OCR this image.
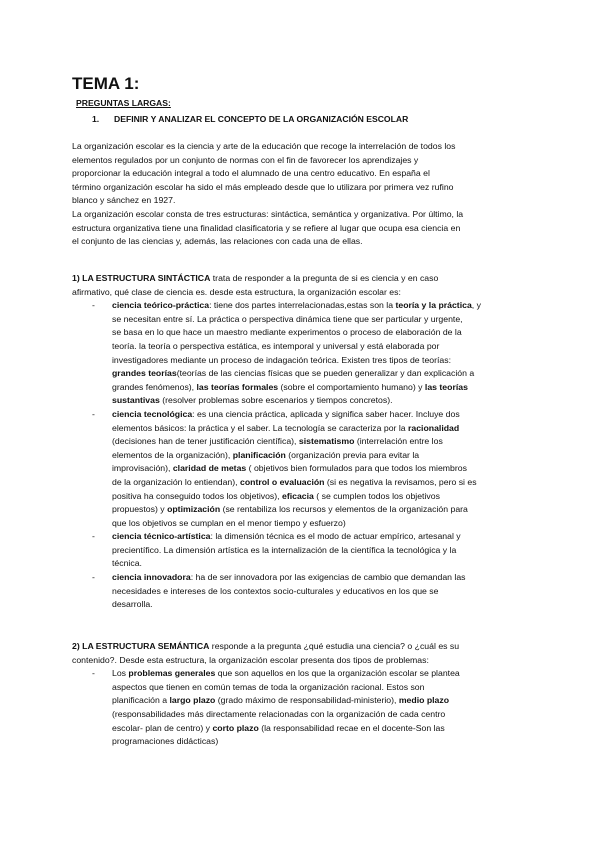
TEMA 1:
PREGUNTAS LARGAS:
1. DEFINIR Y ANALIZAR EL CONCEPTO DE LA ORGANIZACIÓN ESCOLAR
La organización escolar es la ciencia y arte de la educación que recoge la interrelación de todos los
elementos regulados por un conjunto de normas con el fin de favorecer los aprendizajes y
proporcionar la educación integral a todo el alumnado de una centro educativo. En españa el
término organización escolar ha sido el más empleado desde que lo utilizara por primera vez rufino
blanco y sánchez en 1927.
La organización escolar consta de tres estructuras: sintáctica, semántica y organizativa. Por último, la
estructura organizativa tiene una finalidad clasificatoria y se refiere al lugar que ocupa esa ciencia en
el conjunto de las ciencias y, además, las relaciones con cada una de ellas.
1) LA ESTRUCTURA SINTÁCTICA trata de responder a la pregunta de si es ciencia y en caso
afirmativo, qué clase de ciencia es. desde esta estructura, la organización escolar es:
- ciencia teórico-práctica: tiene dos partes interrelacionadas,estas son la teoría y la práctica, y
se necesitan entre sí. La práctica o perspectiva dinámica tiene que ser particular y urgente,
se basa en lo que hace un maestro mediante experimentos o proceso de elaboración de la
teoría. la teoría o perspectiva estática, es intemporal y universal y está elaborada por
investigadores mediante un proceso de indagación teórica. Existen tres tipos de teorías:
grandes teorías(teorías de las ciencias físicas que se pueden generalizar y dan explicación a
grandes fenómenos), las teorías formales (sobre el comportamiento humano) y las teorías
sustantivas (resolver problemas sobre escenarios y tiempos concretos).
- ciencia tecnológica: es una ciencia práctica, aplicada y significa saber hacer. Incluye dos
elementos básicos: la práctica y el saber. La tecnología se caracteriza por la racionalidad
(decisiones han de tener justificación científica), sistematismo (interrelación entre los
elementos de la organización), planificación (organización previa para evitar la
improvisación), claridad de metas ( objetivos bien formulados para que todos los miembros
de la organización lo entiendan), control o evaluación (si es negativa la revisamos, pero si es
positiva ha conseguido todos los objetivos), eficacia ( se cumplen todos los objetivos
propuestos) y optimización (se rentabiliza los recursos y elementos de la organización para
que los objetivos se cumplan en el menor tiempo y esfuerzo)
- ciencia técnico-artística: la dimensión técnica es el modo de actuar empírico, artesanal y
precientífico. La dimensión artística es la internalización de la científica la tecnológica y la
técnica.
- ciencia innovadora: ha de ser innovadora por las exigencias de cambio que demandan las
necesidades e intereses de los contextos socio-culturales y educativos en los que se
desarrolla.
2) LA ESTRUCTURA SEMÁNTICA responde a la pregunta ¿qué estudia una ciencia? o ¿cuál es su
contenido?. Desde esta estructura, la organización escolar presenta dos tipos de problemas:
- Los problemas generales que son aquellos en los que la organización escolar se plantea
aspectos que tienen en común temas de toda la organización racional. Estos son
planificación a largo plazo (grado máximo de responsabilidad-ministerio), medio plazo
(responsabilidades más directamente relacionadas con la organización de cada centro
escolar- plan de centro) y corto plazo (la responsabilidad recae en el docente-Son las
programaciones didácticas)
